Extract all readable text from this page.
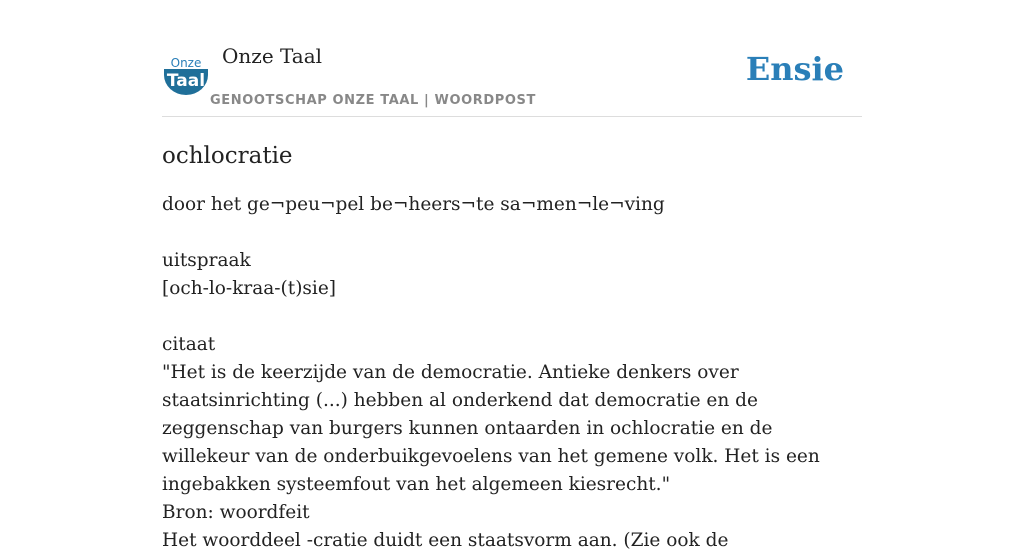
Onze
Taal
Onze Taal
GENOOTSCHAP ONZE TAAL | WOORDPOST
Ensie
ochlocratie
door het ge¬peu¬pel be¬heers¬te sa¬men¬le¬ving
uitspraak
[och-lo-kraa-(t)sie]
citaat
"Het is de keerzijde van de democratie. Antieke denkers over staatsinrichting (...) hebben al onderkend dat democratie en de zeggenschap van burgers kunnen ontaarden in ochlocratie en de willekeur van de onderbuikgevoelens van het gemene volk. Het is een ingebakken systeemfout van het algemeen kiesrecht."
Bron: woordfeit
Het woorddeel -cratie duidt een staatsvorm aan. (Zie ook de
